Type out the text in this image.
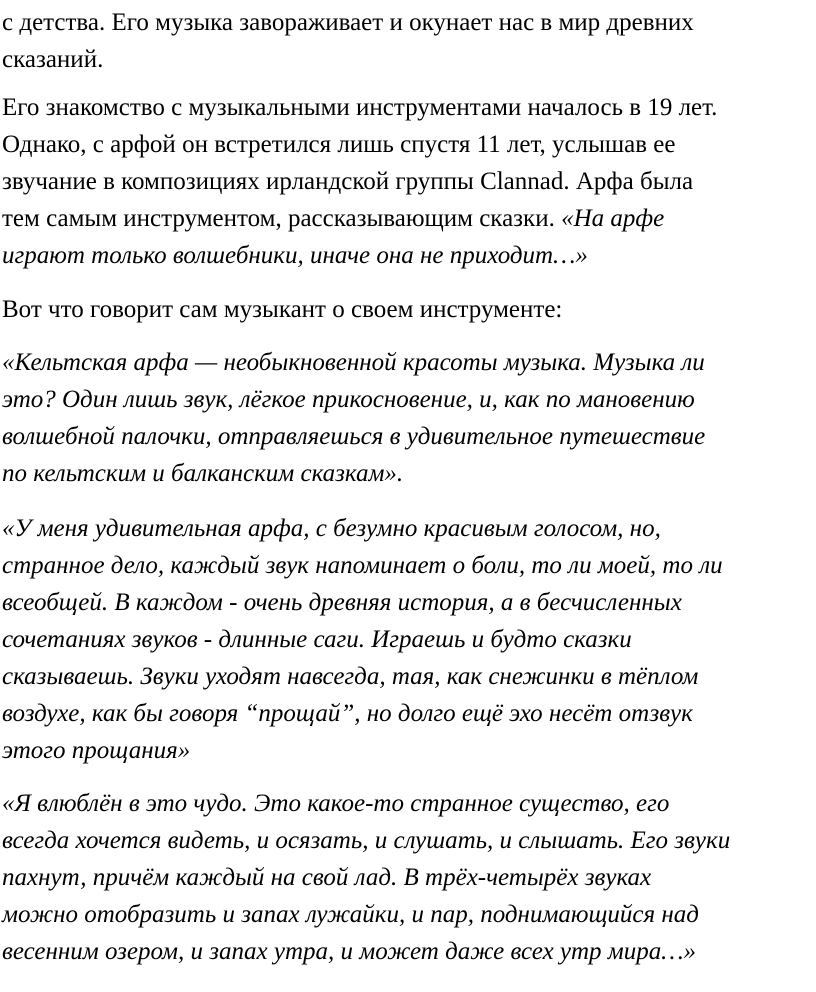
с детства. Его музыка завораживает и окунает нас в мир древних
сказаний.
Его знакомство с музыкальными инструментами началось в 19 лет.
Однако, с арфой он встретился лишь спустя 11 лет, услышав ее
звучание в композициях ирландской группы Clannad. Арфа была
тем самым инструментом, рассказывающим сказки. «На арфе
играют только волшебники, иначе она не приходит…»
Вот что говорит сам музыкант о своем инструменте:
«Кельтская арфа — необыкновенной красоты музыка. Музыка ли
это? Один лишь звук, лёгкое прикосновение, и, как по мановению
волшебной палочки, отправляешься в удивительное путешествие
по кельтским и балканским сказкам».
«У меня удивительная арфа, с безумно красивым голосом, но,
странное дело, каждый звук напоминает о боли, то ли моей, то ли
всеобщей. В каждом - очень древняя история, а в бесчисленных
сочетаниях звуков - длинные саги. Играешь и будто сказки
сказываешь. Звуки уходят навсегда, тая, как снежинки в тёплом
воздухе, как бы говоря “прощай”, но долго ещё эхо несёт отзвук
этого прощания»
«Я влюблён в это чудо. Это какое-то странное существо, его
всегда хочется видеть, и осязать, и слушать, и слышать. Его звуки
пахнут, причём каждый на свой лад. В трёх-четырёх звуках
можно отобразить и запах лужайки, и пар, поднимающийся над
весенним озером, и запах утра, и может даже всех утр мира…»
